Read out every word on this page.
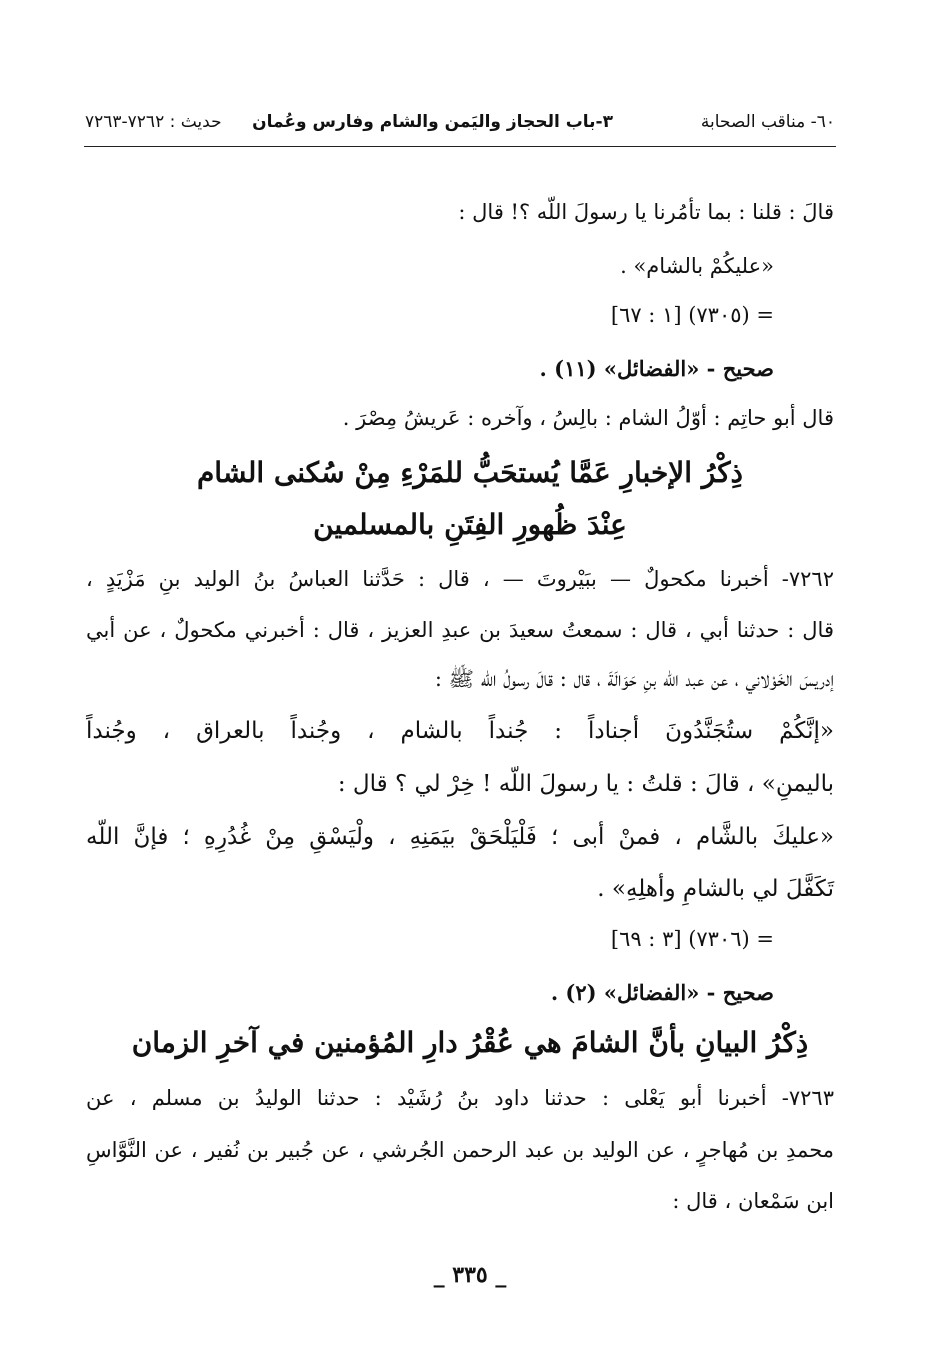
٦٠- مناقب الصحابة
٣-باب الحجاز واليَمن والشام وفارس وعُمان
حديث : ٧٢٦٢-٧٢٦٣
قالَ : قلنا : بما تأمُرنا يا رسولَ اللّه ؟! قال :
«عليكُمْ بالشام» .
= (٧٣٠٥) [١ : ٦٧]
صحيح - «الفضائل» (١١) .
قال أبو حاتِم : أوّلُ الشام : بالِسُ ، وآخره : عَريشُ مِصْرَ .
ذِكْرُ الإخبارِ عَمَّا يُستحَبُّ للمَرْءِ مِنْ سُكنى الشام
عِنْدَ ظُهورِ الفِتَنِ بالمسلمين
٧٢٦٢- أخبرنا مكحولٌ — ببَيْروتَ — ، قال : حَدَّثنا العباسُ بنُ الوليد بنِ مَزْيَدٍ ،
قال : حدثنا أبي ، قال : سمعتُ سعيدَ بن عبدِ العزيز ، قال : أخبرني مكحولٌ ، عن أبي
إدريسَ الخَوْلاني ، عن عبد اللّه بنِ حَوَالَةَ ، قال : قالَ رسولُ اللّه ﷺ :
«إنَّكُمْ ستُجَنَّدُونَ أجناداً : جُنداً بالشام ، وجُنداً بالعراق ، وجُنداً
باليمنِ» ، قالَ : قلتُ : يا رسولَ اللّه ! خِرْ لي ؟ قال :
«عليكَ بالشَّام ، فمنْ أبى ؛ فَلْيَلْحَقْ بيَمَنِهِ ، ولْيَسْقِ مِنْ غُدُرِهِ ؛ فإنَّ اللّه
تَكَفَّلَ لي بالشامِ وأهلِهِ» .
= (٧٣٠٦) [٣ : ٦٩]
صحيح - «الفضائل» (٢) .
ذِكْرُ البيانِ بأنَّ الشامَ هي عُقْرُ دارِ المُؤمنين في آخرِ الزمان
٧٢٦٣- أخبرنا أبو يَعْلى : حدثنا داود بنُ رُشَيْد : حدثنا الوليدُ بن مسلم ، عن
محمدِ بن مُهاجرٍ ، عن الوليد بن عبد الرحمن الجُرشي ، عن جُبير بن نُفير ، عن النَّوَّاسِ
ابن سَمْعان ، قال :
_ ٣٣٥ _
